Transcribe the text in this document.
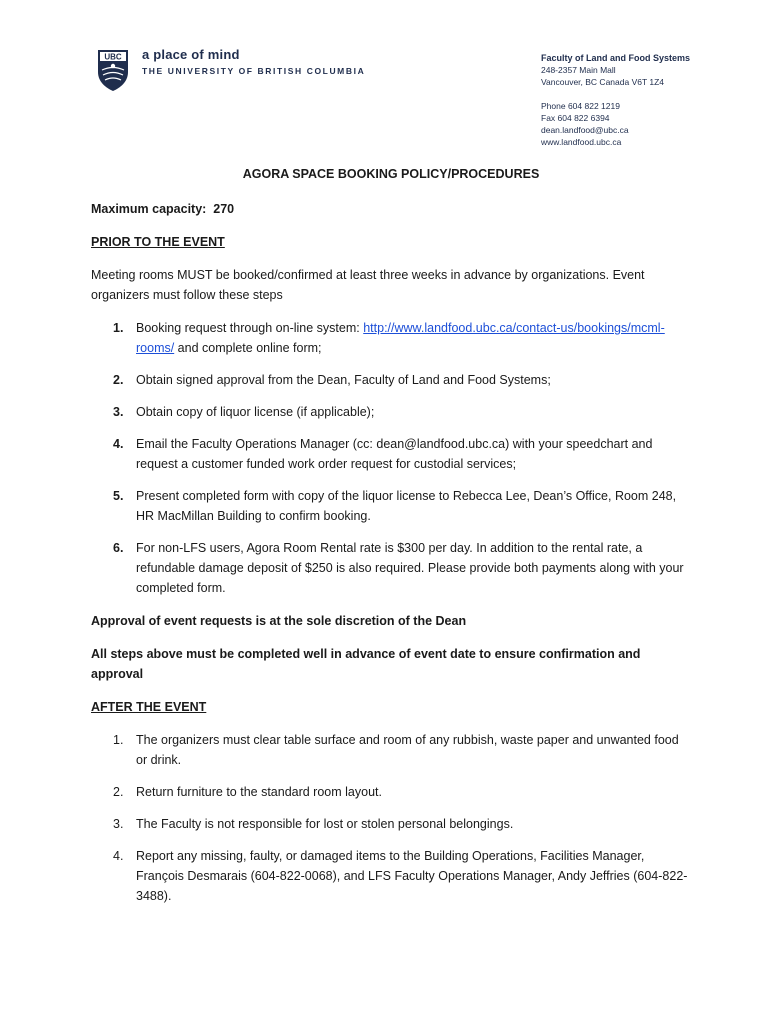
UBC a place of mind
THE UNIVERSITY OF BRITISH COLUMBIA
Faculty of Land and Food Systems
248-2357 Main Mall
Vancouver, BC Canada V6T 1Z4
Phone 604 822 1219
Fax 604 822 6394
dean.landfood@ubc.ca
www.landfood.ubc.ca

AGORA SPACE BOOKING POLICY/PROCEDURES

Maximum capacity: 270

PRIOR TO THE EVENT

Meeting rooms MUST be booked/confirmed at least three weeks in advance by organizations. Event organizers must follow these steps

1. Booking request through on-line system: http://www.landfood.ubc.ca/contact-us/bookings/mcml-rooms/ and complete online form;
2. Obtain signed approval from the Dean, Faculty of Land and Food Systems;
3. Obtain copy of liquor license (if applicable);
4. Email the Faculty Operations Manager (cc: dean@landfood.ubc.ca) with your speedchart and request a customer funded work order request for custodial services;
5. Present completed form with copy of the liquor license to Rebecca Lee, Dean’s Office, Room 248, HR MacMillan Building to confirm booking.
6. For non-LFS users, Agora Room Rental rate is $300 per day. In addition to the rental rate, a refundable damage deposit of $250 is also required. Please provide both payments along with your completed form.

Approval of event requests is at the sole discretion of the Dean

All steps above must be completed well in advance of event date to ensure confirmation and approval

AFTER THE EVENT

1. The organizers must clear table surface and room of any rubbish, waste paper and unwanted food or drink.
2. Return furniture to the standard room layout.
3. The Faculty is not responsible for lost or stolen personal belongings.
4. Report any missing, faulty, or damaged items to the Building Operations, Facilities Manager, François Desmarais (604-822-0068), and LFS Faculty Operations Manager, Andy Jeffries (604-822-3488).
